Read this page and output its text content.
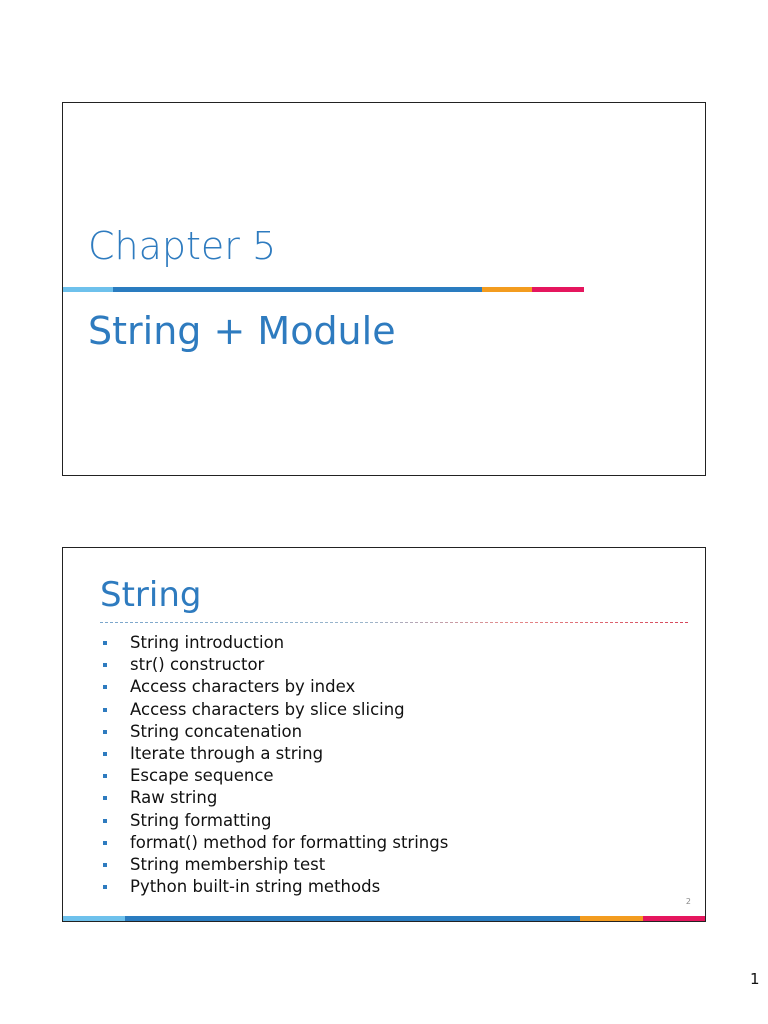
Chapter 5
String + Module
String
String introduction
str() constructor
Access characters by index
Access characters by slice slicing
String concatenation
Iterate through a string
Escape sequence
Raw string
String formatting
format() method for formatting strings
String membership test
Python built-in string methods
2
1
